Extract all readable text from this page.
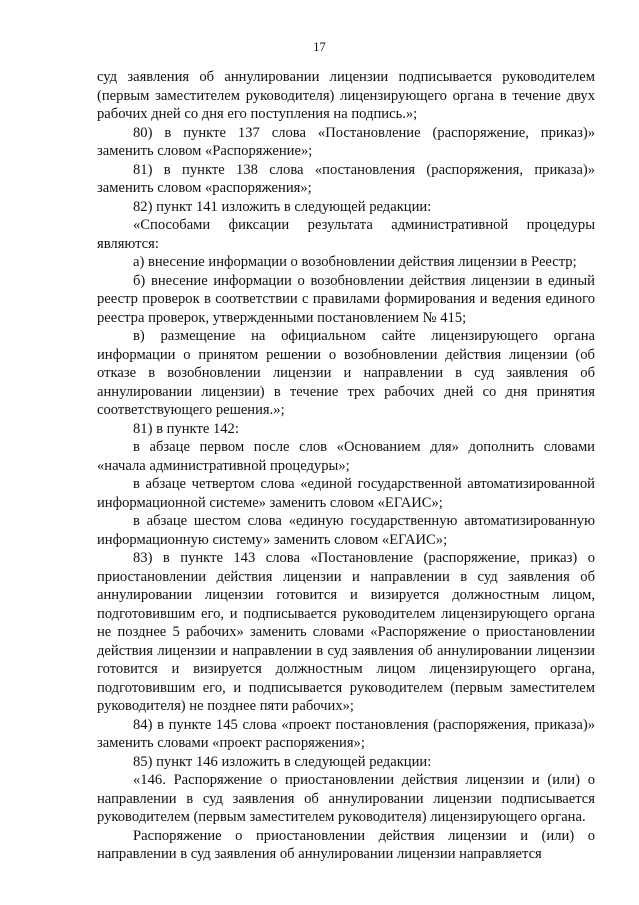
17

суд заявления об аннулировании лицензии подписывается руководителем (первым заместителем руководителя) лицензирующего органа в течение двух рабочих дней со дня его поступления на подпись.»;

80) в пункте 137 слова «Постановление (распоряжение, приказ)» заменить словом «Распоряжение»;

81) в пункте 138 слова «постановления (распоряжения, приказа)» заменить словом «распоряжения»;

82) пункт 141 изложить в следующей редакции:

«Способами фиксации результата административной процедуры являются:

а) внесение информации о возобновлении действия лицензии в Реестр;

б) внесение информации о возобновлении действия лицензии в единый реестр проверок в соответствии с правилами формирования и ведения единого реестра проверок, утвержденными постановлением № 415;

в) размещение на официальном сайте лицензирующего органа информации о принятом решении о возобновлении действия лицензии (об отказе в возобновлении лицензии и направлении в суд заявления об аннулировании лицензии) в течение трех рабочих дней со дня принятия соответствующего решения.»;

81) в пункте 142:

в абзаце первом после слов «Основанием для» дополнить словами «начала административной процедуры»;

в абзаце четвертом слова «единой государственной автоматизированной информационной системе» заменить словом «ЕГАИС»;

в абзаце шестом слова «единую государственную автоматизированную информационную систему» заменить словом «ЕГАИС»;

83) в пункте 143 слова «Постановление (распоряжение, приказ) о приостановлении действия лицензии и направлении в суд заявления об аннулировании лицензии готовится и визируется должностным лицом, подготовившим его, и подписывается руководителем лицензирующего органа не позднее 5 рабочих» заменить словами «Распоряжение о приостановлении действия лицензии и направлении в суд заявления об аннулировании лицензии готовится и визируется должностным лицом лицензирующего органа, подготовившим его, и подписывается руководителем (первым заместителем руководителя) не позднее пяти рабочих»;

84) в пункте 145 слова «проект постановления (распоряжения, приказа)» заменить словами «проект распоряжения»;

85) пункт 146 изложить в следующей редакции:

«146. Распоряжение о приостановлении действия лицензии и (или) о направлении в суд заявления об аннулировании лицензии подписывается руководителем (первым заместителем руководителя) лицензирующего органа.

Распоряжение о приостановлении действия лицензии и (или) о направлении в суд заявления об аннулировании лицензии направляется
